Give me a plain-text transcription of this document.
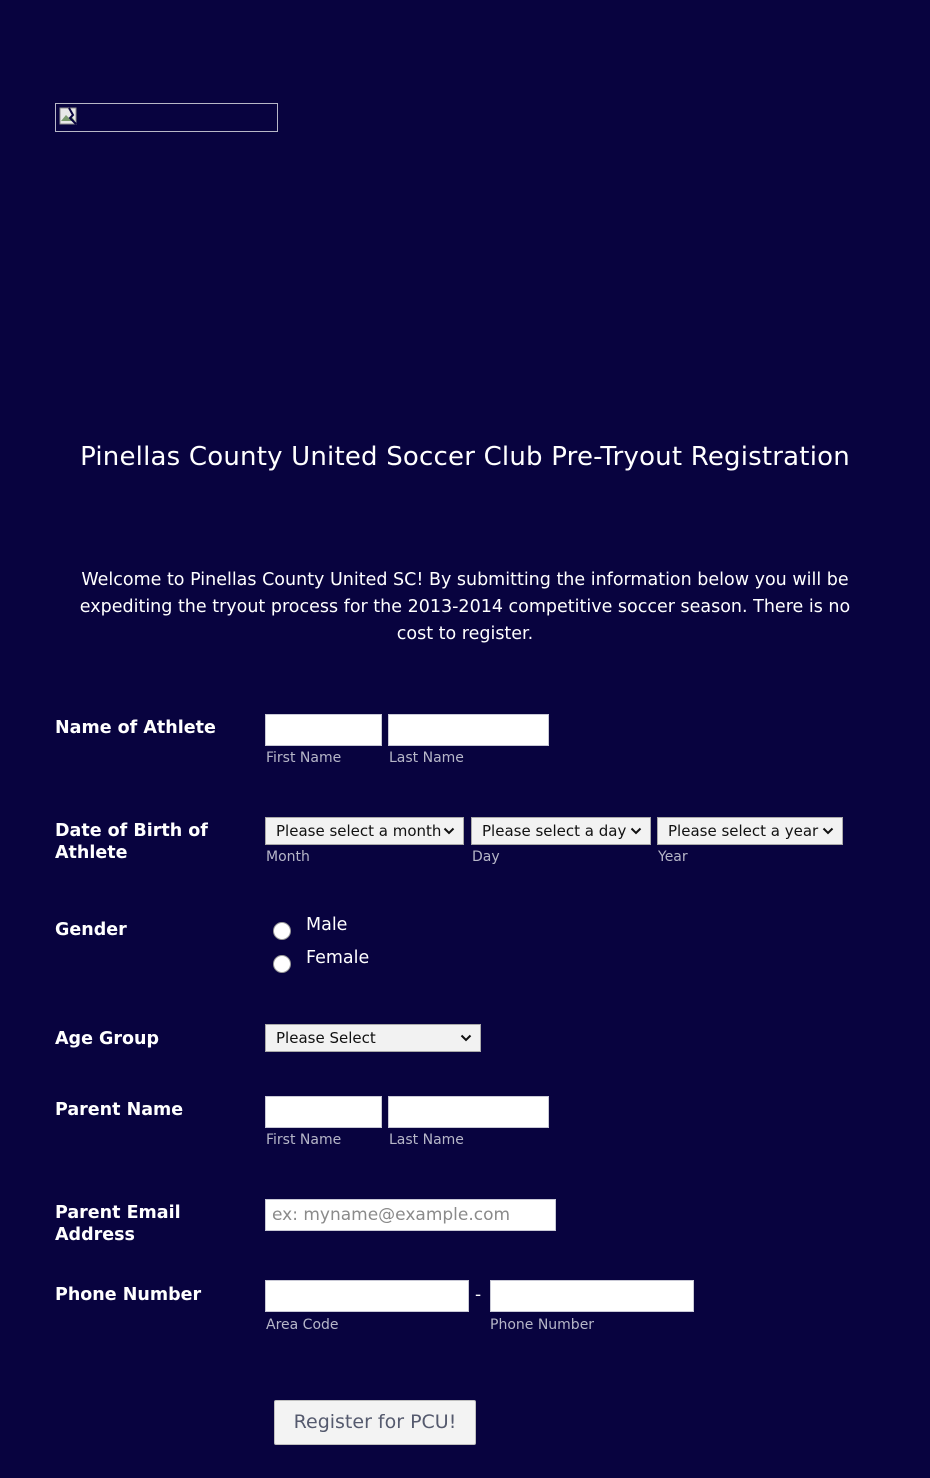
Pinellas County United Soccer Club Pre-Tryout Registration

Welcome to Pinellas County United SC! By submitting the information below you will be expediting the tryout process for the 2013-2014 competitive soccer season. There is no cost to register.

Name of Athlete
First Name	Last Name
Date of Birth of Athlete
Please select a month	Please select a day	Please select a year
Month	Day	Year
Gender	Male
Female
Age Group	Please Select
Parent Name
First Name	Last Name
Parent Email Address
ex: myname@example.com
Phone Number	-
Area Code	Phone Number
Register for PCU!
